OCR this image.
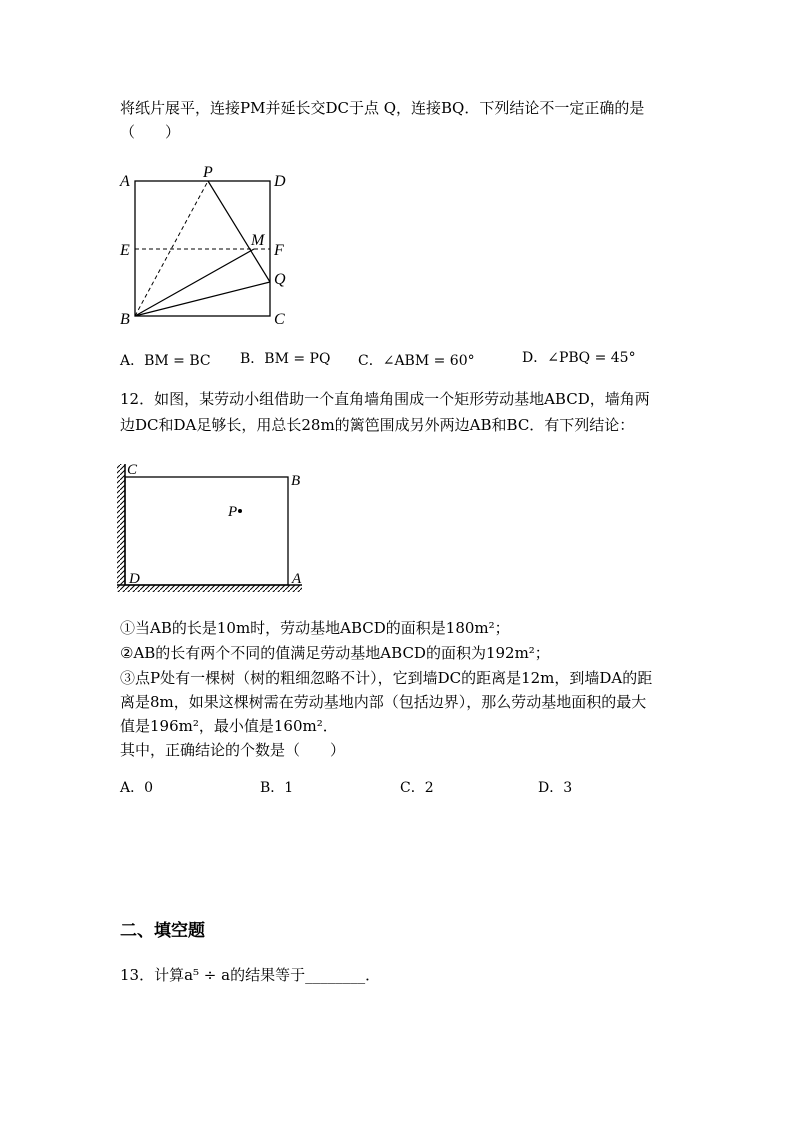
将纸片展平，连接PM并延长交DC于点 Q，连接BQ．下列结论不一定正确的是
（　　）
A
P
D
E
M
F
Q
B	C
A．BM = BC B．BM = PQ C．∠ABM = 60°	D．∠PBQ = 45°
12．如图，某劳动小组借助一个直角墙角围成一个矩形劳动基地ABCD，墙角两
边DC和DA足够长，用总长28m的篱笆围成另外两边AB和BC．有下列结论：
C
B
P
D	A
①当AB的长是10m时，劳动基地ABCD的面积是180m²；
②AB的长有两个不同的值满足劳动基地ABCD的面积为192m²；
③点P处有一棵树（树的粗细忽略不计），它到墙DC的距离是12m，到墙DA的距
离是8m，如果这棵树需在劳动基地内部（包括边界），那么劳动基地面积的最大
值是196m²，最小值是160m²．
其中，正确结论的个数是（　　）
A．0	B．1	C．2	D．3
二、填空题
13．计算a⁵ ÷ a的结果等于________．
